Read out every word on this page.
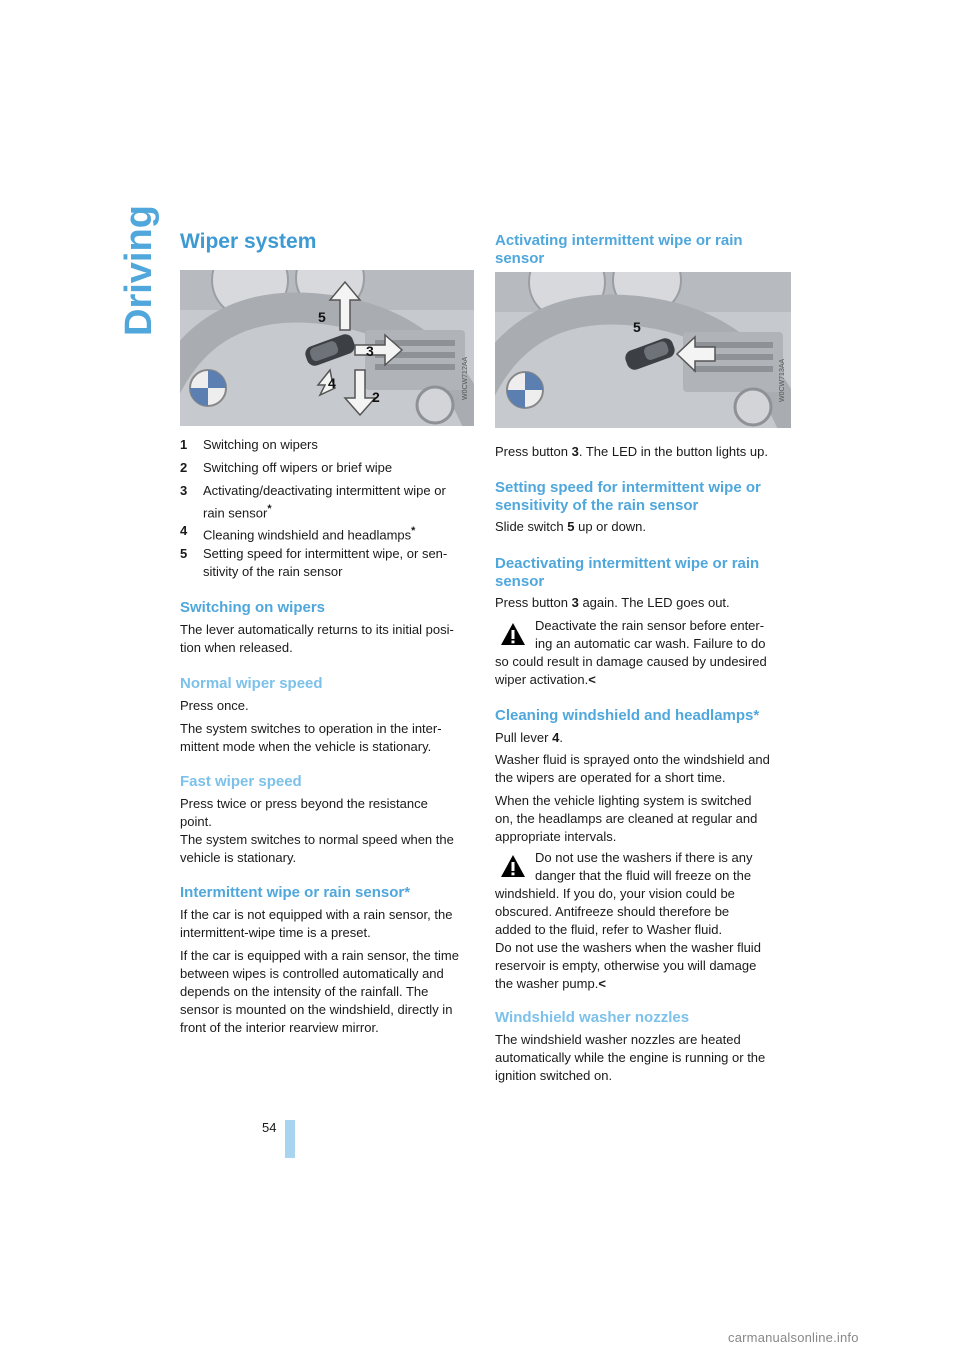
Driving Wiper system
5
3
4
2	W0CW712AA
1 Switching on wipers
2 Switching off wipers or brief wipe
3 Activating/deactivating intermittent wipe or
rain sensor*
4 Cleaning windshield and headlamps*
5 Setting speed for intermittent wipe, or sen-
sitivity of the rain sensor
Switching on wipers

The lever automatically returns to its initial posi-

tion when released.

Normal wiper speed

Press once.

The system switches to operation in the inter-

mittent mode when the vehicle is stationary.

Fast wiper speed

Press twice or press beyond the resistance

point.

The system switches to normal speed when the

vehicle is stationary.

Intermittent wipe or rain sensor*

If the car is not equipped with a rain sensor, the

intermittent-wipe time is a preset.

If the car is equipped with a rain sensor, the time

between wipes is controlled automatically and

depends on the intensity of the rainfall. The

sensor is mounted on the windshield, directly in

front of the interior rearview mirror.

Activating intermittent wipe or rain
sensor
5
W0CW713AA

Press button 3. The LED in the button lights up.

Setting speed for intermittent wipe or
sensitivity of the rain sensor

Slide switch 5 up or down.

Deactivating intermittent wipe or rain
sensor

Press button 3 again. The LED goes out.

Deactivate the rain sensor before enter-

ing an automatic car wash. Failure to do

so could result in damage caused by undesired

wiper activation.<

Cleaning windshield and headlamps*

Pull lever 4.

Washer fluid is sprayed onto the windshield and

the wipers are operated for a short time.

When the vehicle lighting system is switched

on, the headlamps are cleaned at regular and

appropriate intervals.

Do not use the washers if there is any

danger that the fluid will freeze on the

windshield. If you do, your vision could be

obscured. Antifreeze should therefore be

added to the fluid, refer to Washer fluid.

Do not use the washers when the washer fluid

reservoir is empty, otherwise you will damage

the washer pump.<

Windshield washer nozzles

The windshield washer nozzles are heated

automatically while the engine is running or the

ignition switched on.

54
carmanualsonline.info
